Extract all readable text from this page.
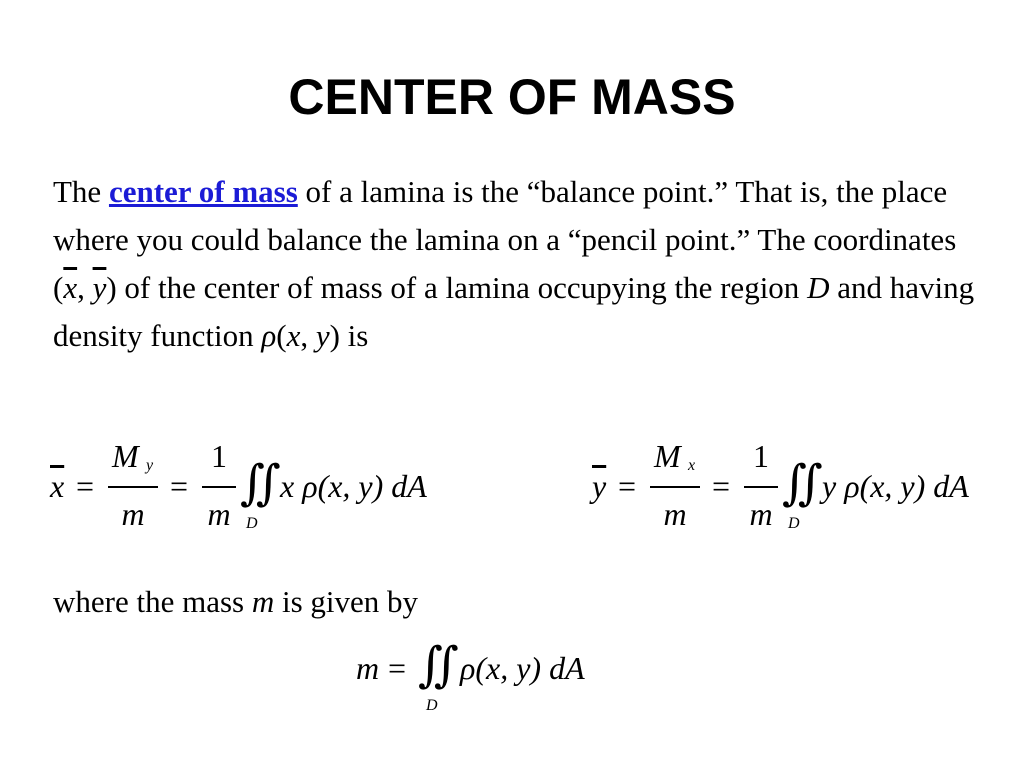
CENTER OF MASS
The center of mass of a lamina is the “balance point.” That is, the place where you could balance the lamina on a “pencil point.” The coordinates ($\overline{x}$, $\overline{y}$) of the center of mass of a lamina occupying the region D and having density function ρ(x, y) is
$\overline{x}$ =
M y
m
=
1
m
∬
D
x ρ(x, y) dA	$\overline{y}$ =
M x
m
=
1
m
∬
D
y ρ(x, y) dA
where the mass m is given by
m = ∬
D
ρ(x, y) dA
